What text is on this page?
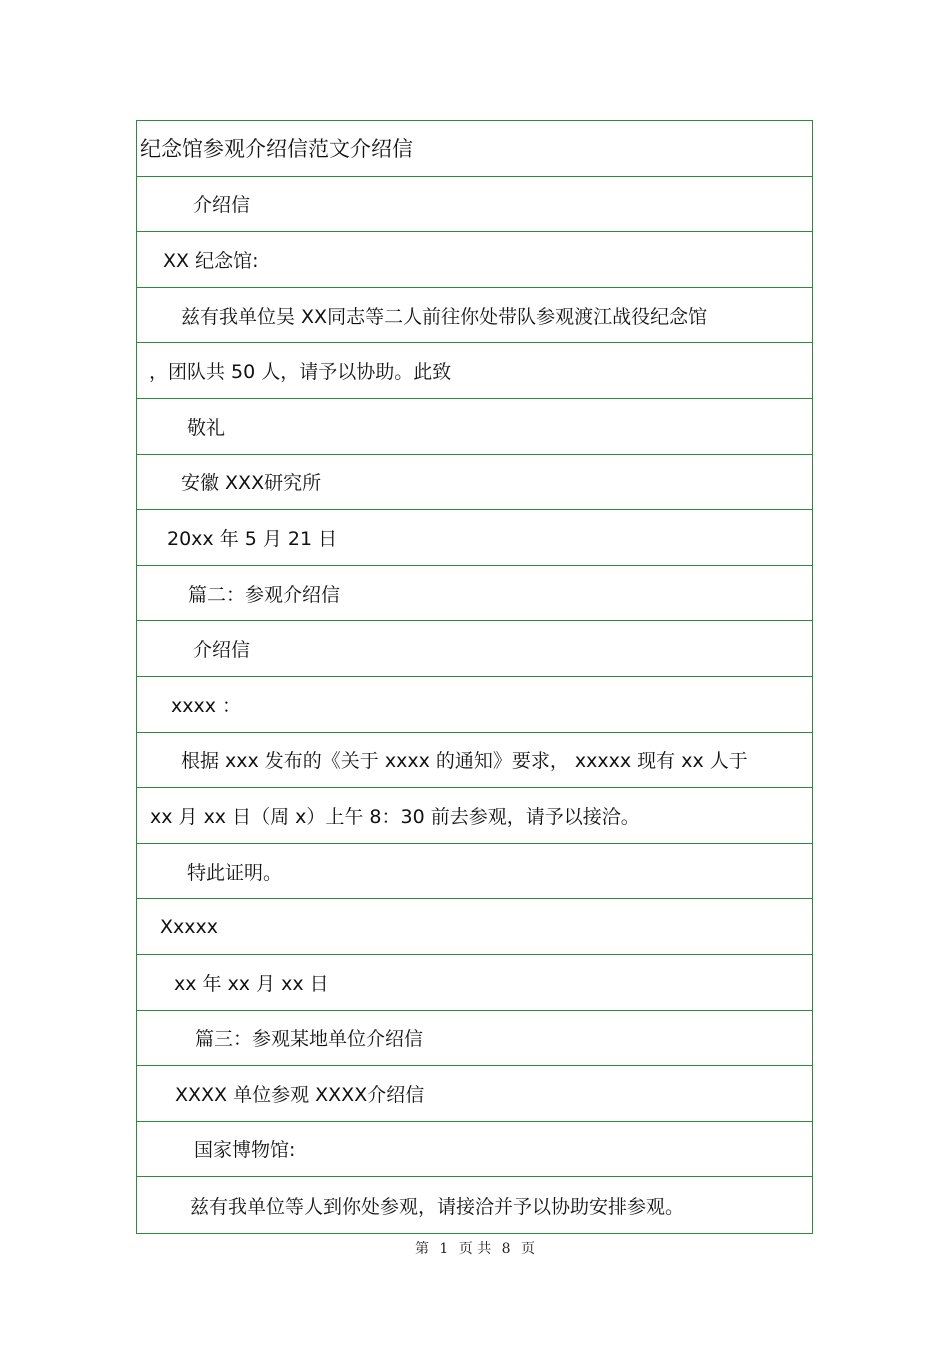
纪念馆参观介绍信范文介绍信
介绍信
XX 纪念馆:
兹有我单位吴 XX同志等二人前往你处带队参观渡江战役纪念馆
，团队共 50 人，请予以协助。此致
敬礼
安徽 XXX研究所
20xx 年 5 月 21 日
篇二：参观介绍信
介绍信
xxxx ：
根据 xxx 发布的《关于 xxxx 的通知》要求， xxxxx 现有 xx 人于
xx 月 xx 日（周 x）上午 8：30 前去参观，请予以接洽。
特此证明。
Xxxxx
xx 年 xx 月 xx 日
篇三：参观某地单位介绍信
XXXX 单位参观 XXXX介绍信
国家博物馆:
兹有我单位等人到你处参观，请接洽并予以协助安排参观。
第 1 页 共 8 页
